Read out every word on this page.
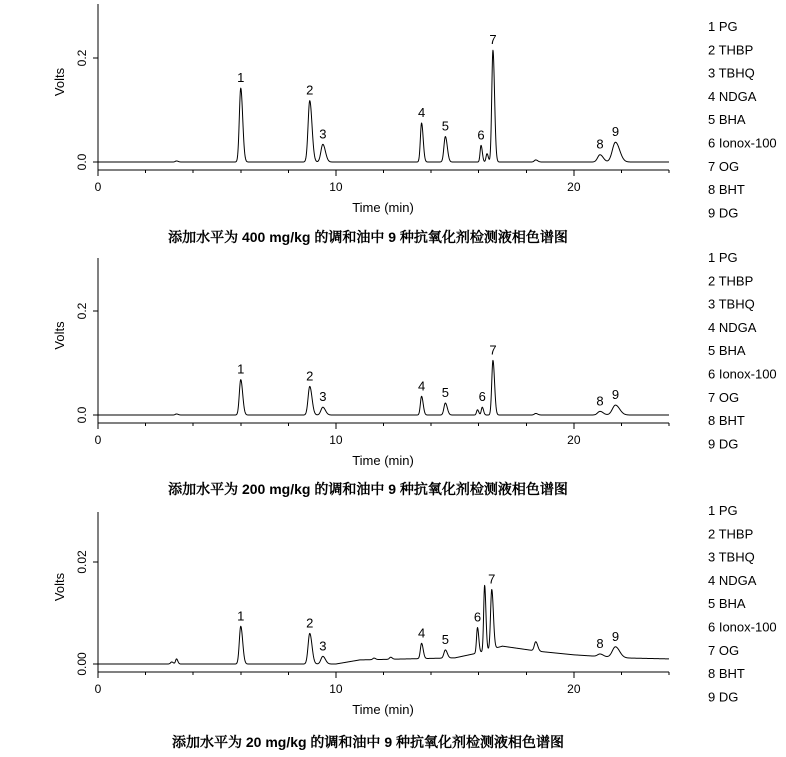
0.0
0.2
0	10	20
Time (min)
Volts	1
2
3
4
5
6
7
8
9
1 PG
2 THBP
3 TBHQ
4 NDGA
5 BHA
6 Ionox-100
7 OG
8 BHT
9 DG
添加水平为 400 mg/kg 的调和油中 9 种抗氧化剂检测液相色谱图
0.0
0.2
0	10	20
Time (min)
Volts
1	2
3
4 5 6
7
8 9
1 PG
2 THBP
3 TBHQ
4 NDGA
5 BHA
6 Ionox-100
7 OG
8 BHT
9 DG
添加水平为 200 mg/kg 的调和油中 9 种抗氧化剂检测液相色谱图
0.00
0.02
0	10	20
Time (min)
Volts
1	2
3
4 5
6
7
8 9
1 PG
2 THBP
3 TBHQ
4 NDGA
5 BHA
6 Ionox-100
7 OG
8 BHT
9 DG
添加水平为 20 mg/kg 的调和油中 9 种抗氧化剂检测液相色谱图
